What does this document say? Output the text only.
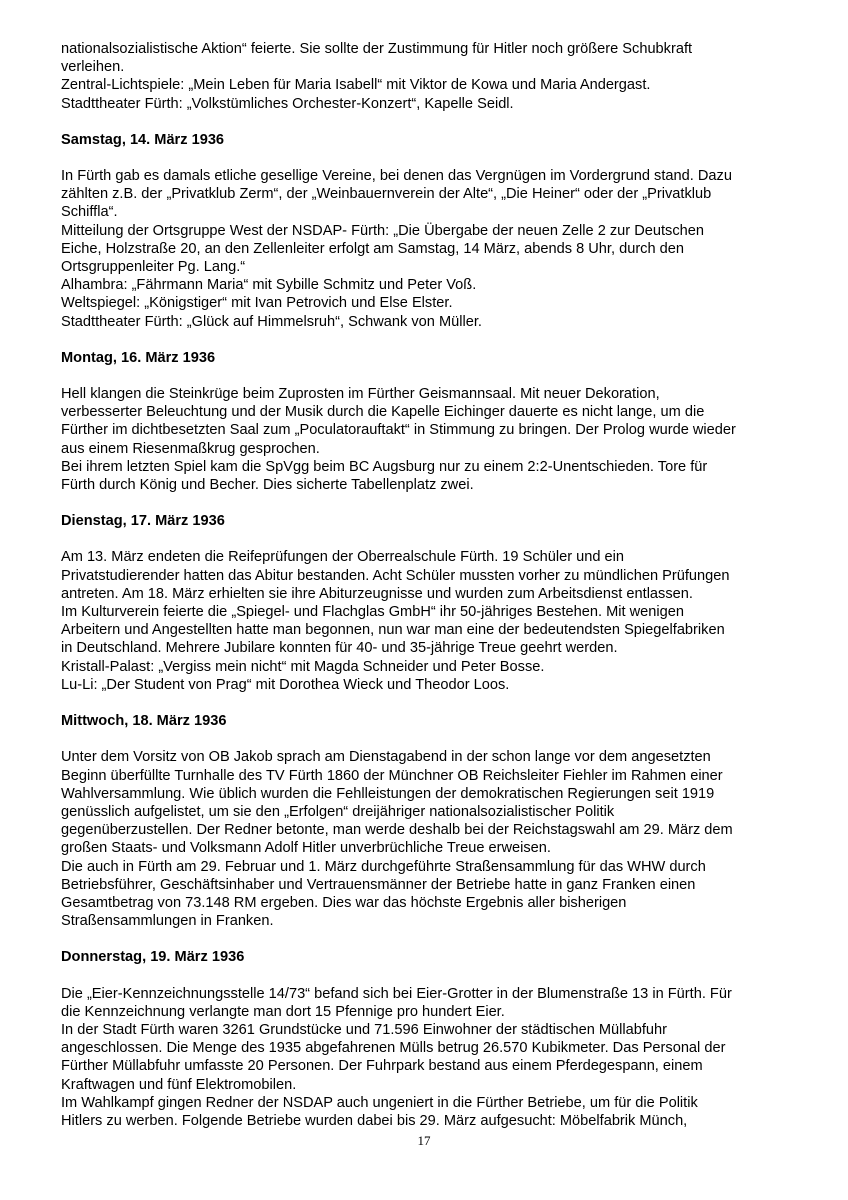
nationalsozialistische Aktion“ feierte. Sie sollte der Zustimmung für Hitler noch größere Schubkraft
verleihen.
Zentral-Lichtspiele: „Mein Leben für Maria Isabell“ mit Viktor de Kowa und Maria Andergast.
Stadttheater Fürth: „Volkstümliches Orchester-Konzert“, Kapelle Seidl.

Samstag, 14. März 1936

In Fürth gab es damals etliche gesellige Vereine, bei denen das Vergnügen im Vordergrund stand. Dazu
zählten z.B. der „Privatklub Zerm“, der „Weinbauernverein der Alte“, „Die Heiner“ oder der „Privatklub
Schiffla“.
Mitteilung der Ortsgruppe West der NSDAP- Fürth: „Die Übergabe der neuen Zelle 2 zur Deutschen
Eiche, Holzstraße 20, an den Zellenleiter erfolgt am Samstag, 14 März, abends 8 Uhr, durch den
Ortsgruppenleiter Pg. Lang.“
Alhambra: „Fährmann Maria“ mit Sybille Schmitz und Peter Voß.
Weltspiegel: „Königstiger“ mit Ivan Petrovich und Else Elster.
Stadttheater Fürth: „Glück auf Himmelsruh“, Schwank von Müller.

Montag, 16. März 1936

Hell klangen die Steinkrüge beim Zuprosten im Fürther Geismannsaal. Mit neuer Dekoration,
verbesserter Beleuchtung und der Musik durch die Kapelle Eichinger dauerte es nicht lange, um die
Fürther im dichtbesetzten Saal zum „Poculatorauftakt“ in Stimmung zu bringen. Der Prolog wurde wieder
aus einem Riesenmaßkrug gesprochen.
Bei ihrem letzten Spiel kam die SpVgg beim BC Augsburg nur zu einem 2:2-Unentschieden. Tore für
Fürth durch König und Becher. Dies sicherte Tabellenplatz zwei.

Dienstag, 17. März 1936

Am 13. März endeten die Reifeprüfungen der Oberrealschule Fürth. 19 Schüler und ein
Privatstudierender hatten das Abitur bestanden. Acht Schüler mussten vorher zu mündlichen Prüfungen
antreten. Am 18. März erhielten sie ihre Abiturzeugnisse und wurden zum Arbeitsdienst entlassen.
Im Kulturverein feierte die „Spiegel- und Flachglas GmbH“ ihr 50-jähriges Bestehen. Mit wenigen
Arbeitern und Angestellten hatte man begonnen, nun war man eine der bedeutendsten Spiegelfabriken
in Deutschland. Mehrere Jubilare konnten für 40- und 35-jährige Treue geehrt werden.
Kristall-Palast: „Vergiss mein nicht“ mit Magda Schneider und Peter Bosse.
Lu-Li: „Der Student von Prag“ mit Dorothea Wieck und Theodor Loos.

Mittwoch, 18. März 1936

Unter dem Vorsitz von OB Jakob sprach am Dienstagabend in der schon lange vor dem angesetzten
Beginn überfüllte Turnhalle des TV Fürth 1860 der Münchner OB Reichsleiter Fiehler im Rahmen einer
Wahlversammlung. Wie üblich wurden die Fehlleistungen der demokratischen Regierungen seit 1919
genüsslich aufgelistet, um sie den „Erfolgen“ dreijähriger nationalsozialistischer Politik
gegenüberzustellen. Der Redner betonte, man werde deshalb bei der Reichstagswahl am 29. März dem
großen Staats- und Volksmann Adolf Hitler unverbrüchliche Treue erweisen.
Die auch in Fürth am 29. Februar und 1. März durchgeführte Straßensammlung für das WHW durch
Betriebsführer, Geschäftsinhaber und Vertrauensmänner der Betriebe hatte in ganz Franken einen
Gesamtbetrag von 73.148 RM ergeben. Dies war das höchste Ergebnis aller bisherigen
Straßensammlungen in Franken.

Donnerstag, 19. März 1936

Die „Eier-Kennzeichnungsstelle 14/73“ befand sich bei Eier-Grotter in der Blumenstraße 13 in Fürth. Für
die Kennzeichnung verlangte man dort 15 Pfennige pro hundert Eier.
In der Stadt Fürth waren 3261 Grundstücke und 71.596 Einwohner der städtischen Müllabfuhr
angeschlossen. Die Menge des 1935 abgefahrenen Mülls betrug 26.570 Kubikmeter. Das Personal der
Fürther Müllabfuhr umfasste 20 Personen. Der Fuhrpark bestand aus einem Pferdegespann, einem
Kraftwagen und fünf Elektromobilen.
Im Wahlkampf gingen Redner der NSDAP auch ungeniert in die Fürther Betriebe, um für die Politik
Hitlers zu werben. Folgende Betriebe wurden dabei bis 29. März aufgesucht: Möbelfabrik Münch,
17
